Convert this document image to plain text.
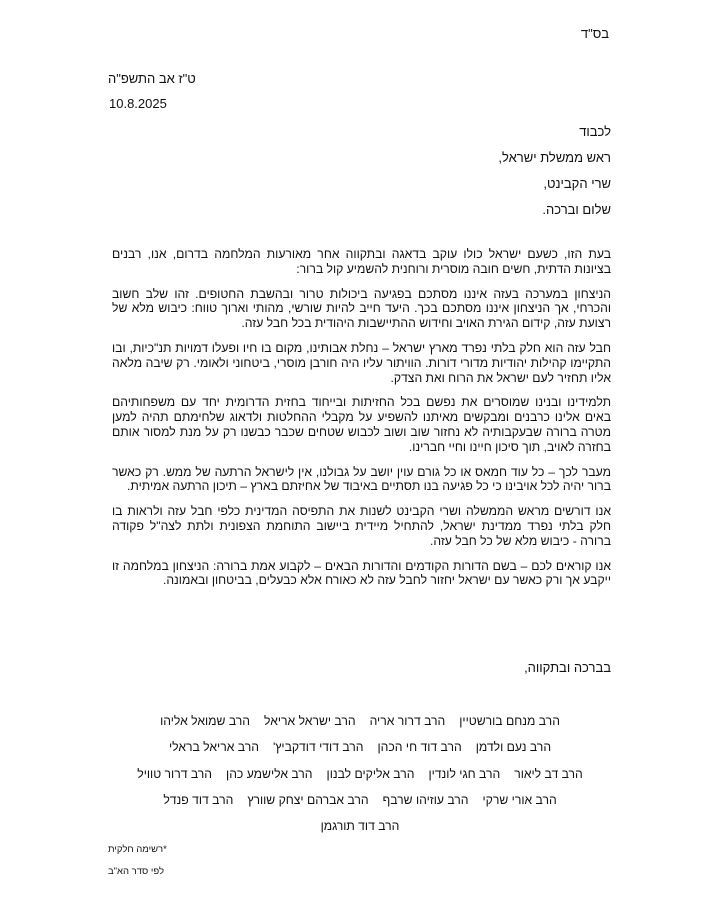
בס"ד
ט"ז אב התשפ"ה
10.8.2025
לכבוד
ראש ממשלת ישראל,
שרי הקבינט,
שלום וברכה.

בעת הזו, כשעם ישראל כולו עוקב בדאגה ובתקווה אחר מאורעות המלחמה בדרום, אנו, רבנים בציונות הדתית, חשים חובה מוסרית ורוחנית להשמיע קול ברור:

הניצחון במערכה בעזה איננו מסתכם בפגיעה ביכולות טרור ובהשבת החטופים. זהו שלב חשוב והכרחי, אך הניצחון איננו מסתכם בכך. היעד חייב להיות שורשי, מהותי וארוך טווח: כיבוש מלא של רצועת עזה, קידום הגירת האויב וחידוש ההתיישבות היהודית בכל חבל עזה.

חבל עזה הוא חלק בלתי נפרד מארץ ישראל – נחלת אבותינו, מקום בו חיו ופעלו דמויות תנ"כיות, ובו התקיימו קהילות יהודיות מדורי דורות. הוויתור עליו היה חורבן מוסרי, ביטחוני ולאומי. רק שיבה מלאה אליו תחזיר לעם ישראל את הרוח ואת הצדק.

תלמידינו ובנינו שמוסרים את נפשם בכל החזיתות ובייחוד בחזית הדרומית יחד עם משפחותיהם באים אלינו כרבנים ומבקשים מאיתנו להשפיע על מקבלי ההחלטות ולדאוג שלחימתם תהיה למען מטרה ברורה שבעקבותיה לא נחזור שוב ושוב לכבוש שטחים שכבר כבשנו רק על מנת למסור אותם בחזרה לאויב, תוך סיכון חיינו וחיי חברינו.

מעבר לכך – כל עוד חמאס או כל גורם עוין יושב על גבולנו, אין לישראל הרתעה של ממש. רק כאשר ברור יהיה לכל אויבינו כי כל פגיעה בנו תסתיים באיבוד של אחיזתם בארץ – תיכון הרתעה אמיתית.

אנו דורשים מראש הממשלה ושרי הקבינט לשנות את התפיסה המדינית כלפי חבל עזה ולראות בו חלק בלתי נפרד ממדינת ישראל, להתחיל מיידית ביישוב התוחמת הצפונית ולתת לצה"ל פקודה ברורה - כיבוש מלא של כל חבל עזה.

אנו קוראים לכם – בשם הדורות הקודמים והדורות הבאים – לקבוע אמת ברורה: הניצחון במלחמה זו ייקבע אך ורק כאשר עם ישראל יחזור לחבל עזה לא כאורח אלא כבעלים, בביטחון ובאמונה.

בברכה ובתקווה,
הרב מנחם בורשטיין
הרב דרור אריה
הרב ישראל אריאל
הרב שמואל אליהו
הרב נעם ולדמן
הרב דוד חי הכהן
הרב דודי דודקביץ'
הרב אריאל בראלי
הרב דב ליאור
הרב חגי לונדין
הרב אליקים לבנון
הרב אלישמע כהן
הרב דרור טוויל
הרב אורי שרקי
הרב עוזיהו שרבף
הרב אברהם יצחק שוורץ
הרב דוד פנדל
הרב דוד תורגמן
*רשימה חלקית
לפי סדר הא"ב
